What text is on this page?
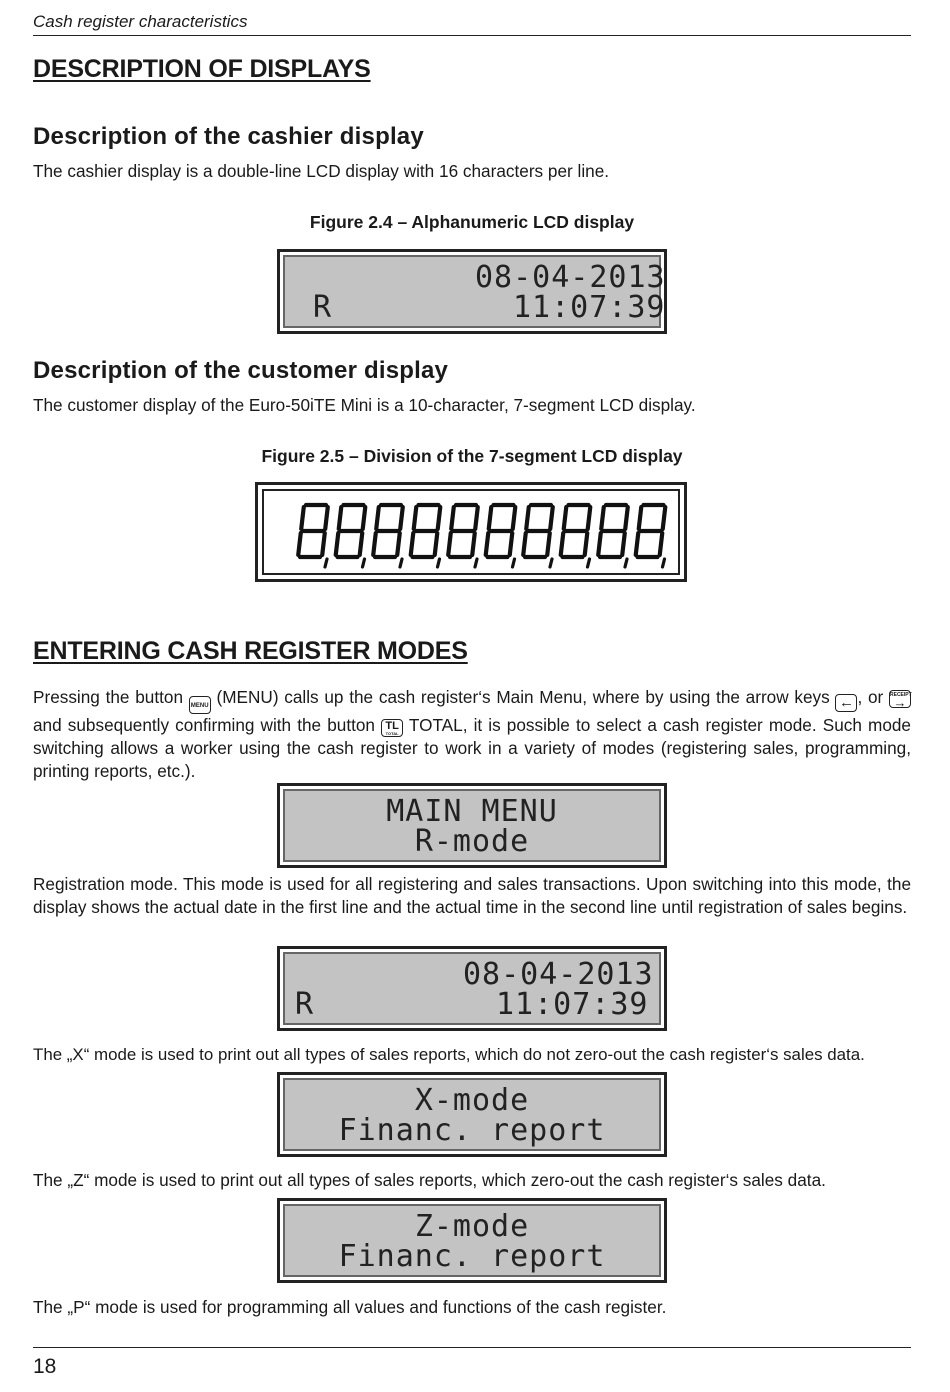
Cash register characteristics
DESCRIPTION OF DISPLAYS
Description of the cashier display
The cashier display is a double-line LCD display with 16 characters per line.
Figure 2.4 – Alphanumeric LCD display
08-04-2013
R	11:07:39
Description of the customer display
The customer display of the Euro-50iTE Mini is a 10-character, 7-segment LCD display.
Figure 2.5 – Division of the 7-segment LCD display
ENTERING CASH REGISTER MODES
Pressing the button MENU (MENU) calls up the cash register‘s Main Menu, where by using the arrow keys ← , or RECEIPT
→
and subsequently confirming with the button TL
TOTAL TOTAL, it is possible to select a cash register mode. Such mode switching allows a worker using the cash register to work in a variety of modes (registering sales, programming, printing reports, etc.).
MAIN MENU
R-mode
Registration mode. This mode is used for all registering and sales transactions. Upon switching into this mode, the display shows the actual date in the first line and the actual time in the second line until registration of sales begins.
08-04-2013
R	11:07:39
The „X“ mode is used to print out all types of sales reports, which do not zero-out the cash register‘s sales data.
X-mode
Financ. report
The „Z“ mode is used to print out all types of sales reports, which zero-out the cash register‘s sales data.
Z-mode
Financ. report
The „P“ mode is used for programming all values and functions of the cash register.
18
